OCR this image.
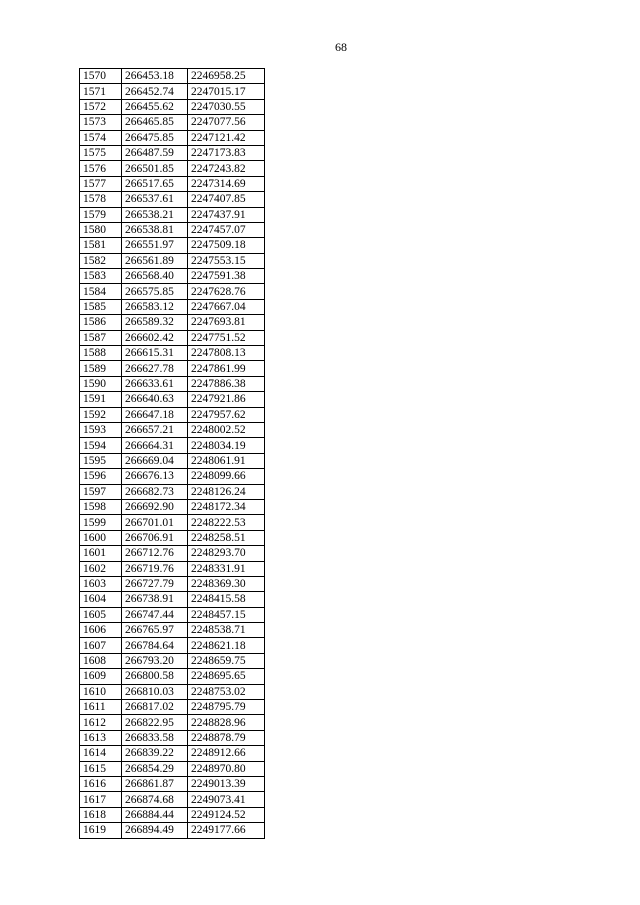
68
1570	266453.18	2246958.25
1571	266452.74	2247015.17
1572	266455.62	2247030.55
1573	266465.85	2247077.56
1574	266475.85	2247121.42
1575	266487.59	2247173.83
1576	266501.85	2247243.82
1577	266517.65	2247314.69
1578	266537.61	2247407.85
1579	266538.21	2247437.91
1580	266538.81	2247457.07
1581	266551.97	2247509.18
1582	266561.89	2247553.15
1583	266568.40	2247591.38
1584	266575.85	2247628.76
1585	266583.12	2247667.04
1586	266589.32	2247693.81
1587	266602.42	2247751.52
1588	266615.31	2247808.13
1589	266627.78	2247861.99
1590	266633.61	2247886.38
1591	266640.63	2247921.86
1592	266647.18	2247957.62
1593	266657.21	2248002.52
1594	266664.31	2248034.19
1595	266669.04	2248061.91
1596	266676.13	2248099.66
1597	266682.73	2248126.24
1598	266692.90	2248172.34
1599	266701.01	2248222.53
1600	266706.91	2248258.51
1601	266712.76	2248293.70
1602	266719.76	2248331.91
1603	266727.79	2248369.30
1604	266738.91	2248415.58
1605	266747.44	2248457.15
1606	266765.97	2248538.71
1607	266784.64	2248621.18
1608	266793.20	2248659.75
1609	266800.58	2248695.65
1610	266810.03	2248753.02
1611	266817.02	2248795.79
1612	266822.95	2248828.96
1613	266833.58	2248878.79
1614	266839.22	2248912.66
1615	266854.29	2248970.80
1616	266861.87	2249013.39
1617	266874.68	2249073.41
1618	266884.44	2249124.52
1619	266894.49	2249177.66
